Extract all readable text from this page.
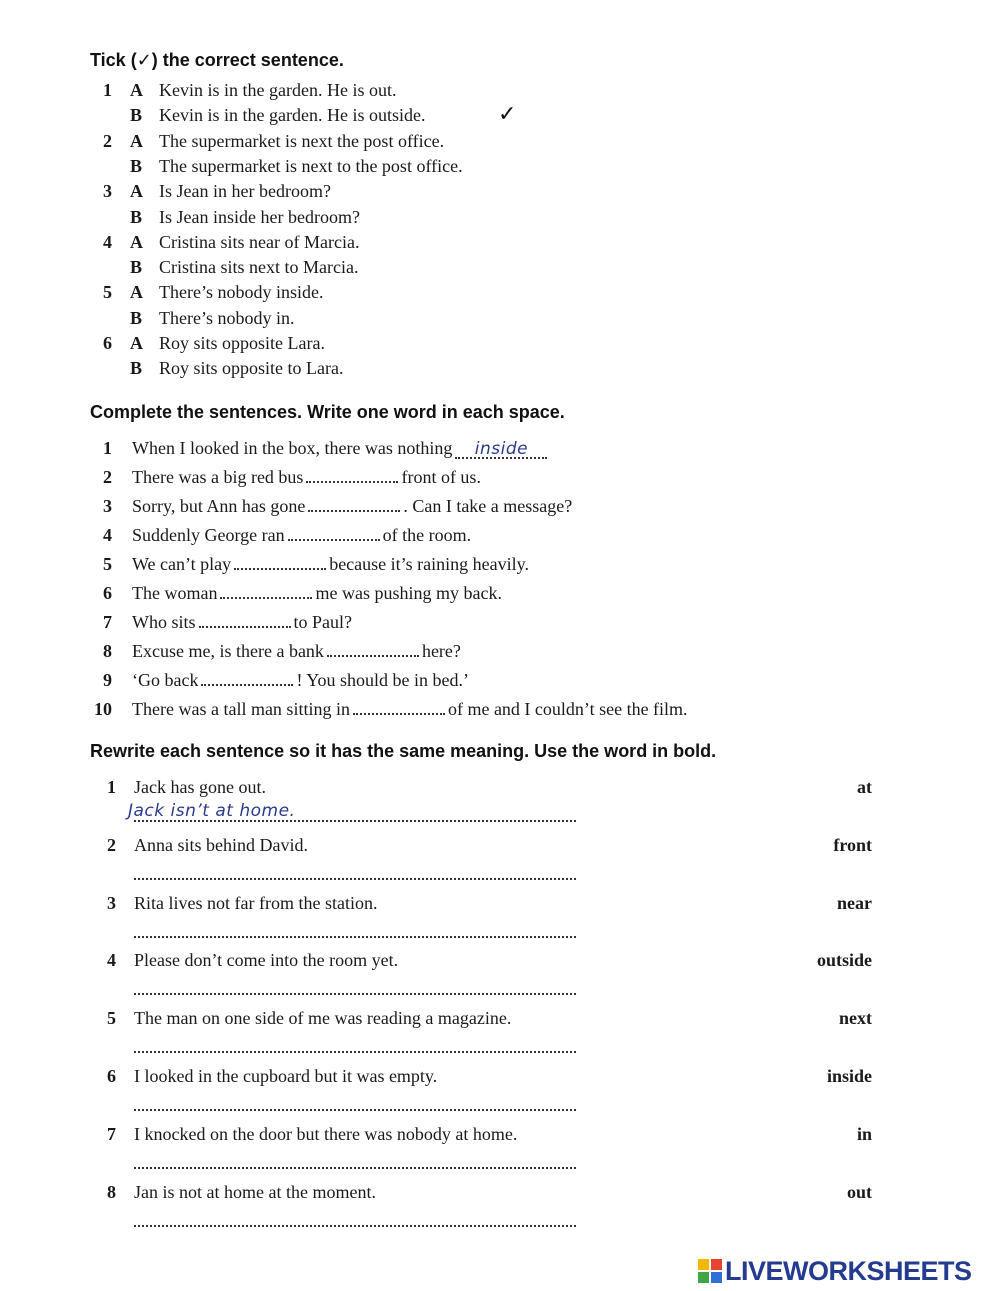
Tick (✓) the correct sentence.
1 A Kevin is in the garden. He is out.
B Kevin is in the garden. He is outside.	✓
2 A The supermarket is next the post office.
B The supermarket is next to the post office.
3 A Is Jean in her bedroom?
B Is Jean inside her bedroom?
4 A Cristina sits near of Marcia.
B Cristina sits next to Marcia.
5 A There’s nobody inside.
B There’s nobody in.
6 A Roy sits opposite Lara.
B Roy sits opposite to Lara.
Complete the sentences. Write one word in each space.
1 When I looked in the box, there was nothing inside
2 There was a big red bus	front of us.
3 Sorry, but Ann has gone	. Can I take a message?
4 Suddenly George ran	of the room.
5 We can’t play	because it’s raining heavily.
6 The woman	me was pushing my back.
7 Who sits	to Paul?
8 Excuse me, is there a bank	here?
9 ‘Go back	! You should be in bed.’
10 There was a tall man sitting in	of me and I couldn’t see the film.
Rewrite each sentence so it has the same meaning. Use the word in bold.
1 Jack has gone out.	at
Jack isn’t at home.
2 Anna sits behind David.	front
3 Rita lives not far from the station.	near
4 Please don’t come into the room yet.	outside
5 The man on one side of me was reading a magazine.	next
6 I looked in the cupboard but it was empty.	inside
7 I knocked on the door but there was nobody at home.	in
8 Jan is not at home at the moment.	out
LIVEWORKSHEETS
